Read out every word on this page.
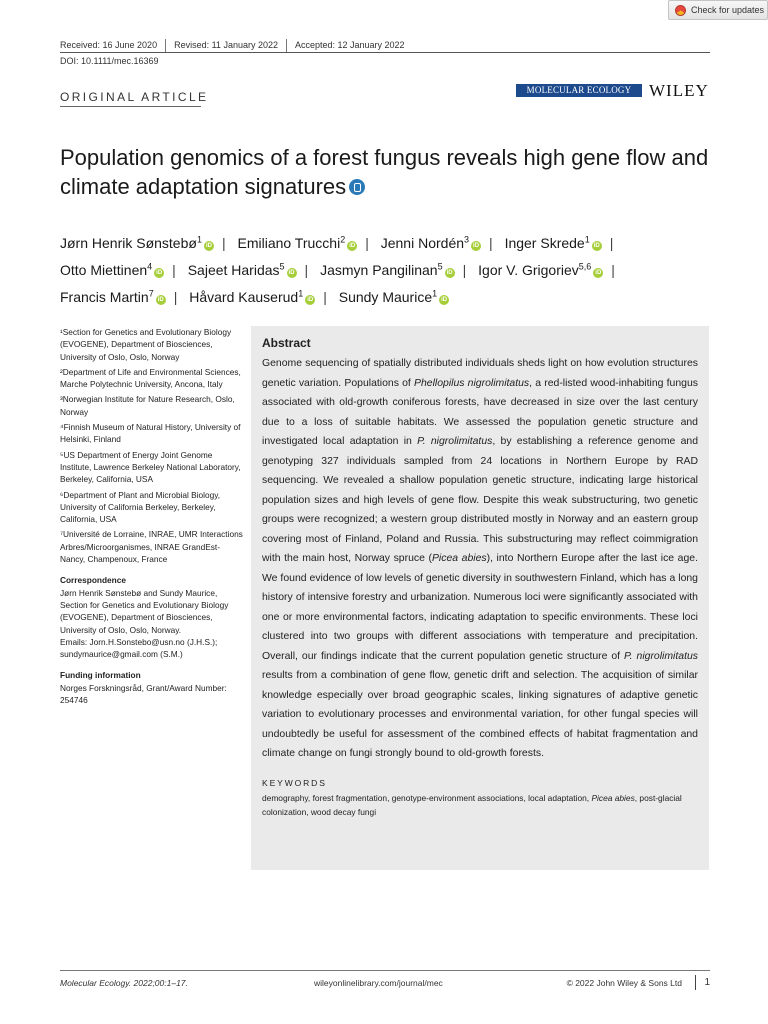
Check for updates
Received: 16 June 2020	Revised: 11 January 2022	Accepted: 12 January 2022
DOI: 10.1111/mec.16369
ORIGINAL ARTICLE	MOLECULAR ECOLOGY	WILEY
Population genomics of a forest fungus reveals high gene flow and climate adaptation signatures
Jørn Henrik Sønstebø$^1$iD | Emiliano Trucchi$^2$iD | Jenni Nordén$^3$iD | Inger Skrede$^1$iD |
Otto Miettinen$^4$iD | Sajeet Haridas$^5$iD | Jasmyn Pangilinan$^5$iD | Igor V. Grigoriev$^{5,6}$iD |
Francis Martin$^7$iD | Håvard Kauserud$^1$iD | Sundy Maurice$^1$iD
¹Section for Genetics and Evolutionary Biology (EVOGENE), Department of Biosciences, University of Oslo, Oslo, Norway
²Department of Life and Environmental Sciences, Marche Polytechnic University, Ancona, Italy
³Norwegian Institute for Nature Research, Oslo, Norway
⁴Finnish Museum of Natural History, University of Helsinki, Finland
⁵US Department of Energy Joint Genome Institute, Lawrence Berkeley National Laboratory, Berkeley, California, USA
⁶Department of Plant and Microbial Biology, University of California Berkeley, Berkeley, California, USA
⁷Université de Lorraine, INRAE, UMR Interactions Arbres/Microorganismes, INRAE GrandEst-Nancy, Champenoux, France
Correspondence
Jørn Henrik Sønstebø and Sundy Maurice, Section for Genetics and Evolutionary Biology (EVOGENE), Department of Biosciences, University of Oslo, Oslo, Norway.
Emails: Jorn.H.Sonstebo@usn.no (J.H.S.); sundymaurice@gmail.com (S.M.)
Funding information
Norges Forskningsråd, Grant/Award Number: 254746
Abstract

Genome sequencing of spatially distributed individuals sheds light on how evolution structures genetic variation. Populations of Phellopilus nigrolimitatus, a red-listed wood-inhabiting fungus associated with old-growth coniferous forests, have decreased in size over the last century due to a loss of suitable habitats. We assessed the population genetic structure and investigated local adaptation in P. nigrolimitatus, by establishing a reference genome and genotyping 327 individuals sampled from 24 locations in Northern Europe by RAD sequencing. We revealed a shallow population genetic structure, indicating large historical population sizes and high levels of gene flow. Despite this weak substructuring, two genetic groups were recognized; a western group distributed mostly in Norway and an eastern group covering most of Finland, Poland and Russia. This substructuring may reflect coimmigration with the main host, Norway spruce (Picea abies), into Northern Europe after the last ice age. We found evidence of low levels of genetic diversity in southwestern Finland, which has a long history of intensive forestry and urbanization. Numerous loci were significantly associated with one or more environmental factors, indicating adaptation to specific environments. These loci clustered into two groups with different associations with temperature and precipitation. Overall, our findings indicate that the current population genetic structure of P. nigrolimitatus results from a combination of gene flow, genetic drift and selection. The acquisition of similar knowledge especially over broad geographic scales, linking signatures of adaptive genetic variation to evolutionary processes and environmental variation, for other fungal species will undoubtedly be useful for assessment of the combined effects of habitat fragmentation and climate change on fungi strongly bound to old-growth forests.

KEYWORDS
demography, forest fragmentation, genotype-environment associations, local adaptation, Picea abies, post-glacial colonization, wood decay fungi
Molecular Ecology. 2022;00:1–17.	wileyonlinelibrary.com/journal/mec	© 2022 John Wiley & Sons Ltd	1
